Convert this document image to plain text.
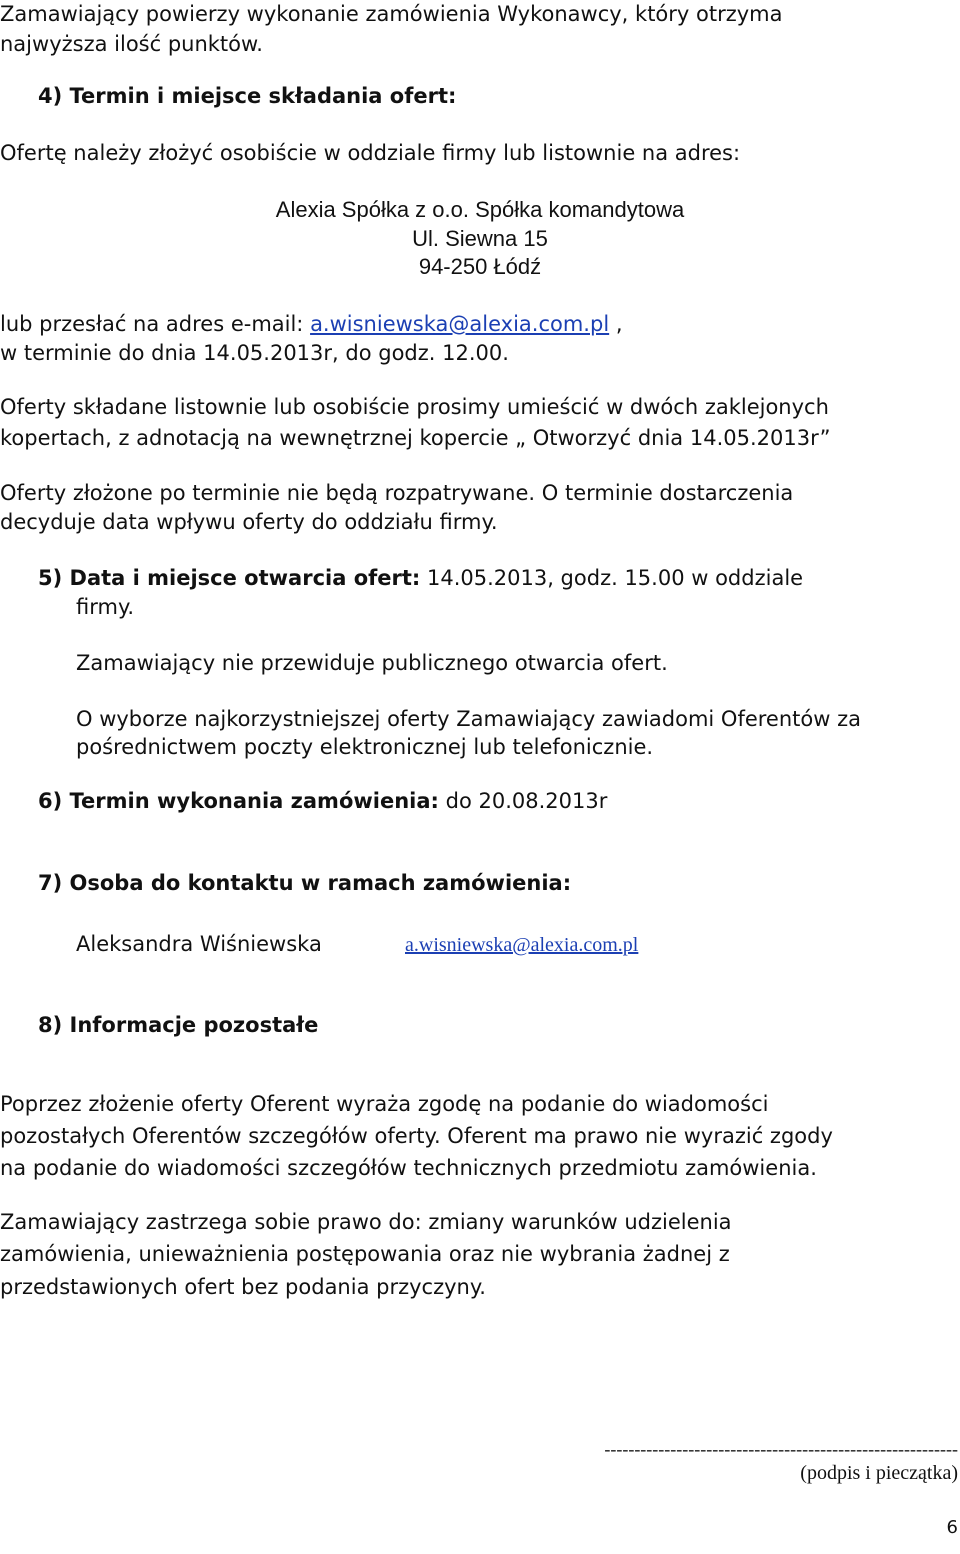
Zamawiający powierzy wykonanie zamówienia Wykonawcy, który otrzyma
najwyższa ilość punktów.
4) Termin i miejsce składania ofert:
Ofertę należy złożyć osobiście w oddziale firmy lub listownie na adres:
Alexia Spółka z o.o. Spółka komandytowa
Ul. Siewna 15
94-250 Łódź
lub przesłać na adres e-mail: a.wisniewska@alexia.com.pl ,
w terminie do dnia 14.05.2013r, do godz. 12.00.
Oferty składane listownie lub osobiście prosimy umieścić w dwóch zaklejonych
kopertach, z adnotacją na wewnętrznej kopercie „ Otworzyć dnia 14.05.2013r”
Oferty złożone po terminie nie będą rozpatrywane. O terminie dostarczenia
decyduje data wpływu oferty do oddziału firmy.
5) Data i miejsce otwarcia ofert: 14.05.2013, godz. 15.00 w oddziale
firmy.
Zamawiający nie przewiduje publicznego otwarcia ofert.
O wyborze najkorzystniejszej oferty Zamawiający zawiadomi Oferentów za
pośrednictwem poczty elektronicznej lub telefonicznie.
6) Termin wykonania zamówienia: do 20.08.2013r
7) Osoba do kontaktu w ramach zamówienia:
Aleksandra Wiśniewska	a.wisniewska@alexia.com.pl
8) Informacje pozostałe
Poprzez złożenie oferty Oferent wyraża zgodę na podanie do wiadomości
pozostałych Oferentów szczegółów oferty. Oferent ma prawo nie wyrazić zgody
na podanie do wiadomości szczegółów technicznych przedmiotu zamówienia.
Zamawiający zastrzega sobie prawo do: zmiany warunków udzielenia
zamówienia, unieważnienia postępowania oraz nie wybrania żadnej z
przedstawionych ofert bez podania przyczyny.
-----------------------------------------------------------
(podpis i pieczątka)
6
